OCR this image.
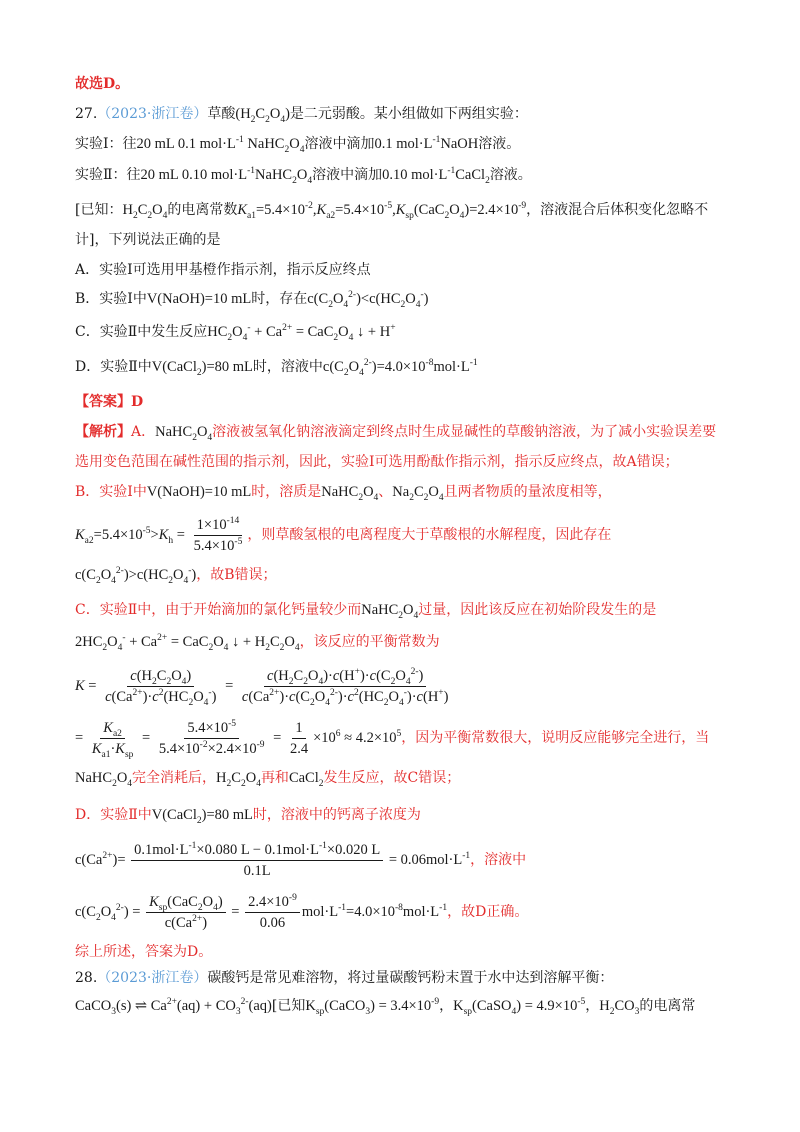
故选D。
27.（2023·浙江卷）草酸$(H_2C_2O_4)$是二元弱酸。某小组做如下两组实验：
实验Ⅰ：往20 mL 0.1 $mol\cdot L^{-1}$ $NaHC_2O_4$溶液中滴加0.1 $mol\cdot L^{-1}NaOH$溶液。
实验Ⅱ：往20 mL 0.10 $mol\cdot L^{-1}NaHC_2O_4$溶液中滴加0.10 $mol\cdot L^{-1}CaCl_2$溶液。
[已知：$H_2C_2O_4$的电离常数$K_{a1}=5.4\times 10^{-2},K_{a2}=5.4\times 10^{-5},K_{sp}(CaC_2O_4)=2.4\times 10^{-9}$，溶液混合后体积变化忽略不
计]，下列说法正确的是
A．实验Ⅰ可选用甲基橙作指示剂，指示反应终点
B．实验Ⅰ中V(NaOH)=10 mL时，存在$c(C_2O_4^{2-})<c(HC_2O_4^-)$
C．实验Ⅱ中发生反应$HC_2O_4^- + Ca^{2+} = CaC_2O_4$ ↓ + H+
D．实验Ⅱ中V(CaCl$_2$)=80 mL时，溶液中$c(C_2O_4^{2-})=4.0\times 10^{-8}mol\cdot L^{-1}$
【答案】D
【解析】A．$NaHC_2O_4$溶液被氢氧化钠溶液滴定到终点时生成显碱性的草酸钠溶液，为了减小实验误差要
选用变色范围在碱性范围的指示剂，因此，实验Ⅰ可选用酚酞作指示剂，指示反应终点，故A错误；
B．实验Ⅰ中V(NaOH)=10 mL时，溶质是$NaHC_2O_4$、$Na_2C_2O_4$且两者物质的量浓度相等，
$K_{a2}=5.4\times 10^{-5}>K_h = \frac{1\times 10^{-14}}{5.4\times 10^{-5}}$ ，则草酸氢根的电离程度大于草酸根的水解程度，因此存在
$c(C_2O_4^{2-})>c(HC_2O_4^-)$，故B错误；
C．实验Ⅱ中，由于开始滴加的氯化钙量较少而$NaHC_2O_4$过量，因此该反应在初始阶段发生的是
$2HC_2O_4^- + Ca^{2+} = CaC_2O_4$ ↓ + $H_2C_2O_4$，该反应的平衡常数为
$K = \frac{c(H_2C_2O_4)}{c(Ca^{2+})\cdot c^2(HC_2O_4^-)} = \frac{c(H_2C_2O_4)\cdot c(H^+)\cdot c(C_2O_4^{2-})}{c(Ca^{2+})\cdot c(C_2O_4^{2-})\cdot c^2(HC_2O_4^-)\cdot c(H^+)}$
= $\frac{K_{a2}}{K_{a1}\cdot K_{sp}} = \frac{5.4\times 10^{-5}}{5.4\times 10^{-2}\times 2.4\times 10^{-9}} = \frac{1}{2.4} \times 10^6 \approx 4.2\times 10^5$，因为平衡常数很大，说明反应能够完全进行，当
$NaHC_2O_4$完全消耗后，$H_2C_2O_4$再和CaCl$_2$发生反应，故C错误；
D．实验Ⅱ中V(CaCl$_2$)=80 mL时，溶液中的钙离子浓度为
$c(Ca^{2+})= \frac{0.1mol\cdot L^{-1}\times 0.080 L - 0.1mol\cdot L^{-1}\times 0.020 L}{0.1L} = 0.06mol\cdot L^{-1}$，溶液中
$c(C_2O_4^{2-}) = \frac{K_{sp}(CaC_2O_4)}{c(Ca^{2+})} = \frac{2.4\times 10^{-9}}{0.06} mol\cdot L^{-1}=4.0\times 10^{-8}mol\cdot L^{-1}$，故D正确。
综上所述，答案为D。
28.（2023·浙江卷）碳酸钙是常见难溶物，将过量碳酸钙粉末置于水中达到溶解平衡：
CaCO$_3$(s) ⇌ $Ca^{2+}(aq) + CO_3^{2-}(aq)$[已知$K_{sp}(CaCO_3) = 3.4\times 10^{-9}$，$K_{sp}(CaSO_4) = 4.9\times 10^{-5}$，$H_2CO_3$的电离常
